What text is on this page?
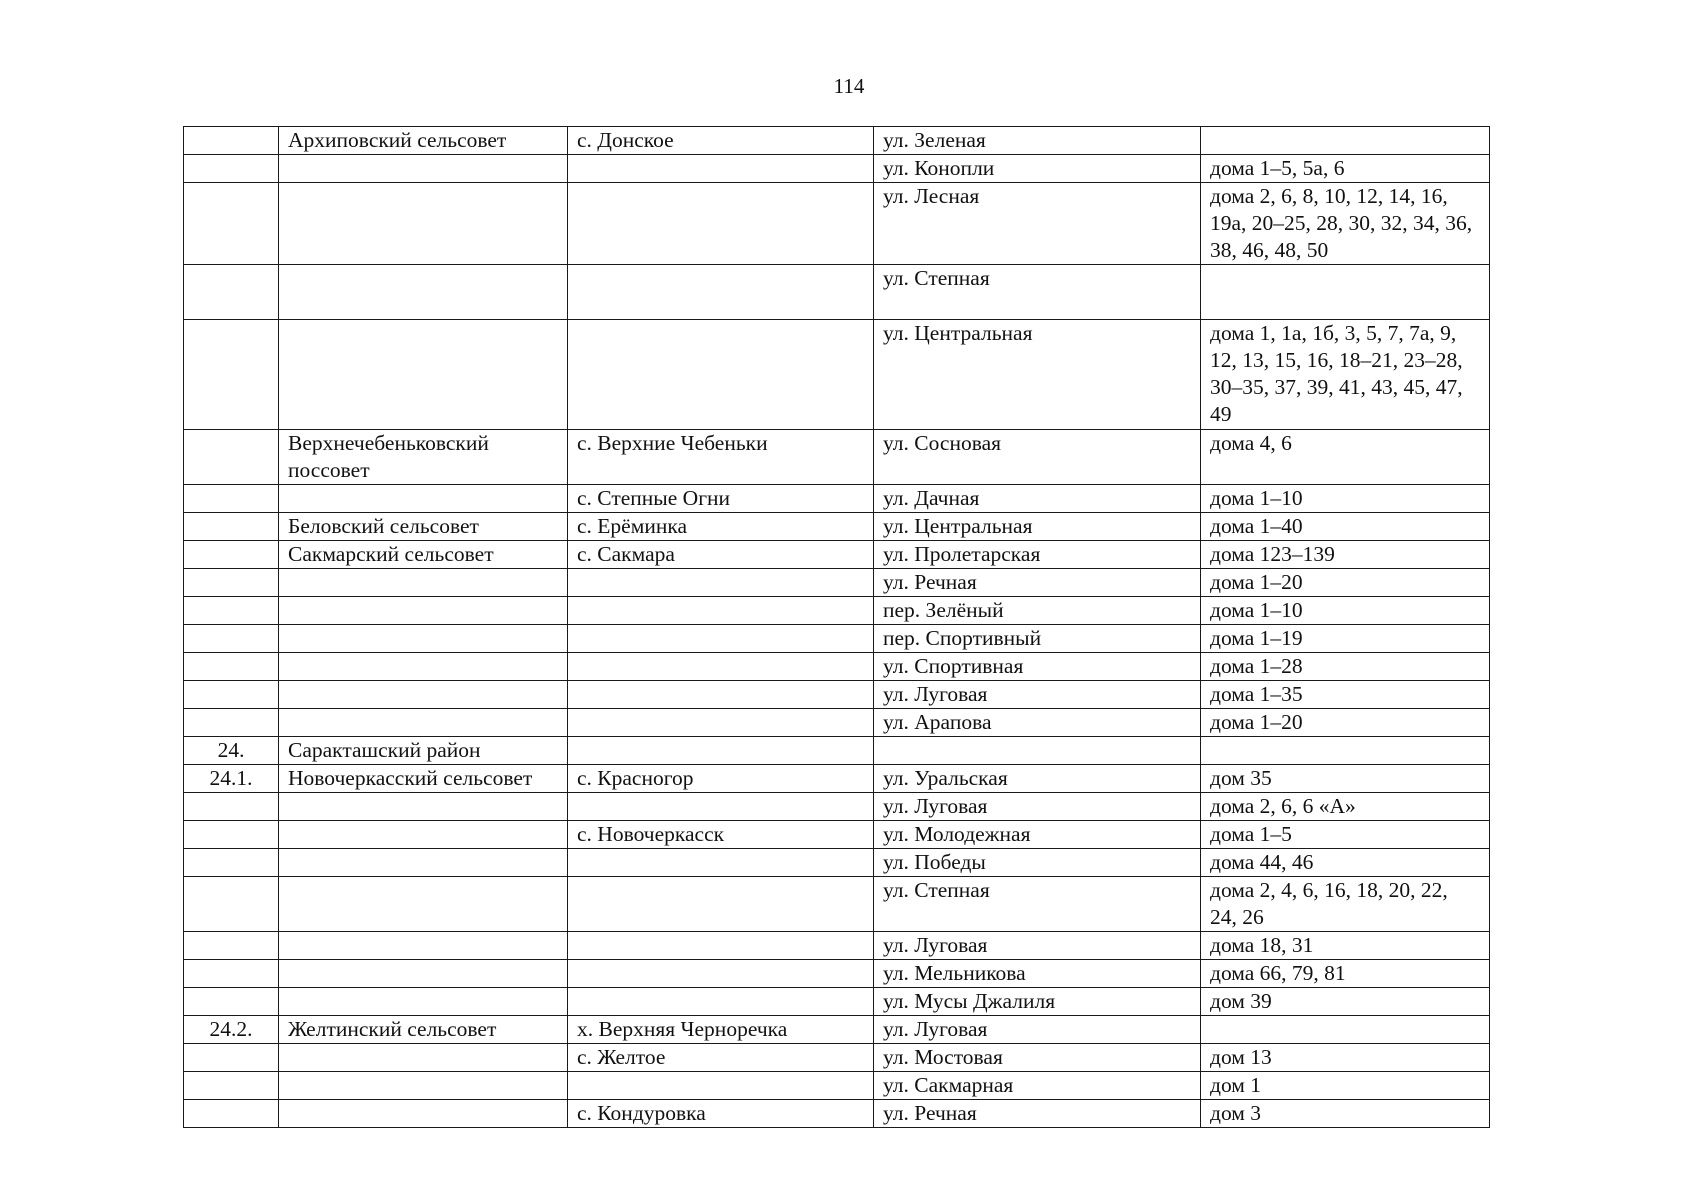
114
	Архиповский сельсовет	с. Донское	ул. Зеленая	
			ул. Конопли	дома 1–5, 5а, 6
			ул. Лесная	дома 2, 6, 8, 10, 12, 14, 16, 19а, 20–25, 28, 30, 32, 34, 36, 38, 46, 48, 50
			ул. Степная	
			ул. Центральная	дома 1, 1а, 1б, 3, 5, 7, 7а, 9, 12, 13, 15, 16, 18–21, 23–28, 30–35, 37, 39, 41, 43, 45, 47, 49
	Верхнечебеньковский поссовет	с. Верхние Чебеньки	ул. Сосновая	дома 4, 6
		с. Степные Огни	ул. Дачная	дома 1–10
	Беловский сельсовет	с. Ерёминка	ул. Центральная	дома 1–40
	Сакмарский сельсовет	с. Сакмара	ул. Пролетарская	дома 123–139
			ул. Речная	дома 1–20
			пер. Зелёный	дома 1–10
			пер. Спортивный	дома 1–19
			ул. Спортивная	дома 1–28
			ул. Луговая	дома 1–35
			ул. Арапова	дома 1–20
24.	Саракташский район			
24.1.	Новочеркасский сельсовет	с. Красногор	ул. Уральская	дом 35
			ул. Луговая	дома 2, 6, 6 «А»
		с. Новочеркасск	ул. Молодежная	дома 1–5
			ул. Победы	дома 44, 46
			ул. Степная	дома 2, 4, 6, 16, 18, 20, 22, 24, 26
			ул. Луговая	дома 18, 31
			ул. Мельникова	дома 66, 79, 81
			ул. Мусы Джалиля	дом 39
24.2.	Желтинский сельсовет	х. Верхняя Черноречка	ул. Луговая	
		с. Желтое	ул. Мостовая	дом 13
			ул. Сакмарная	дом 1
		с. Кондуровка	ул. Речная	дом 3
